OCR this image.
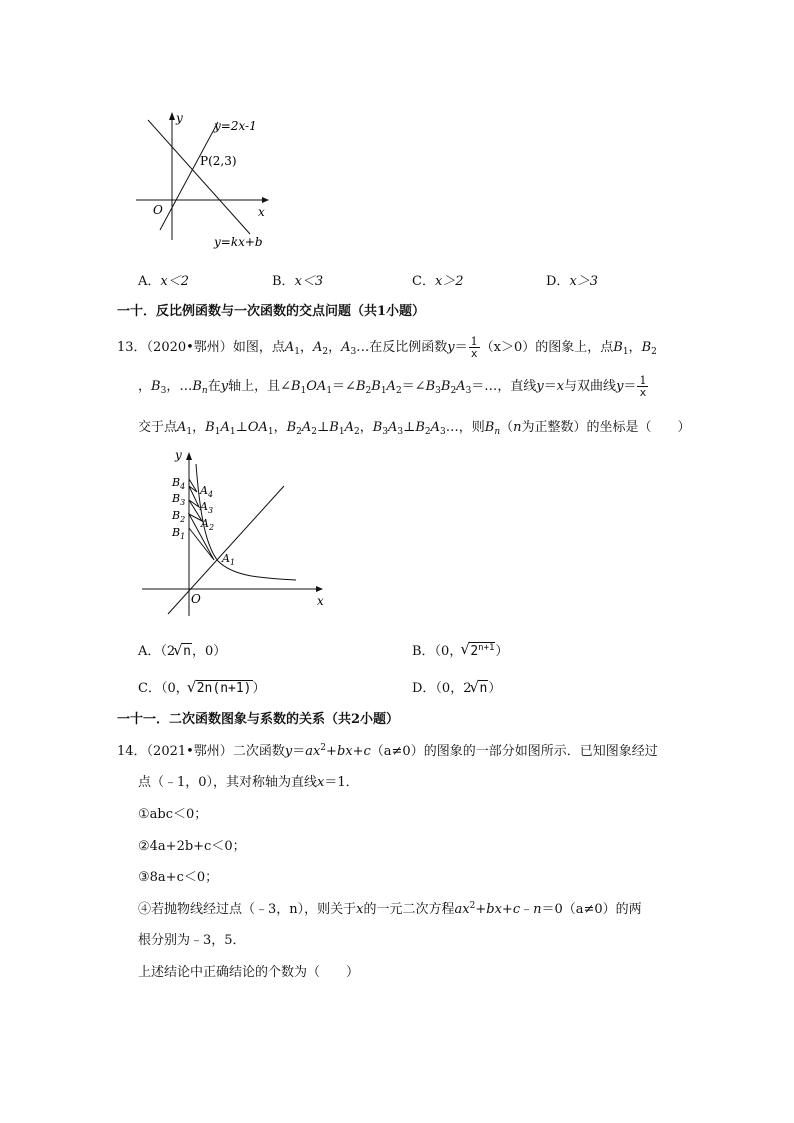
y
x
O
y=2x-1
P(2,3)
y=kx+b
A．x＜2	B．x＜3	C．x＞2	D．x＞3
一十．反比例函数与一次函数的交点问题（共1小题）
13．（2020•鄂州）如图，点$A_1$，$A_2$，$A_3\dots$在反比例函数$y= \frac{1}{x} (x>0)$的图象上，点$B_1$，$B_2$
，$B_3$，$\dots B_n$在y轴上，且$\angle B_1OA_1=\angle B_2B_1A_2=\angle B_3B_2A_3=\dots$，直线y＝x与双曲线$y= \frac{1}{x}$
交于点$A_1$，$B_1A_1\perp OA_1$，$B_2A_2\perp B_1A_2$，$B_3A_3\perp B_2A_3\dots$，则$B_n(n$为正整数）的坐标是（　　）
y
x
O
$B_4$
$B_3$
$B_2$
$B_1$
$A_4$
$A_3$
$A_2$
$A_1$
A．（2 √ n，0）	B．（0， √ $2^{n+1}$）
C．（0， √ 2n(n+1)）	D．（0，2 √ n）
一十一．二次函数图象与系数的关系（共2小题）
14．（2021•鄂州）二次函数$y=ax^2+bx+c(a\ne 0)$的图象的一部分如图所示．已知图象经过
点（﹣1，0），其对称轴为直线x＝1．
①abc＜0；
②4a+2b+c＜0；
③8a+c＜0；
④若抛物线经过点（﹣3，n），则关于x的一元二次方程$ax^2+bx+c﹣n=0(a\ne 0)$的两
根分别为﹣3，5．
上述结论中正确结论的个数为（　　）
